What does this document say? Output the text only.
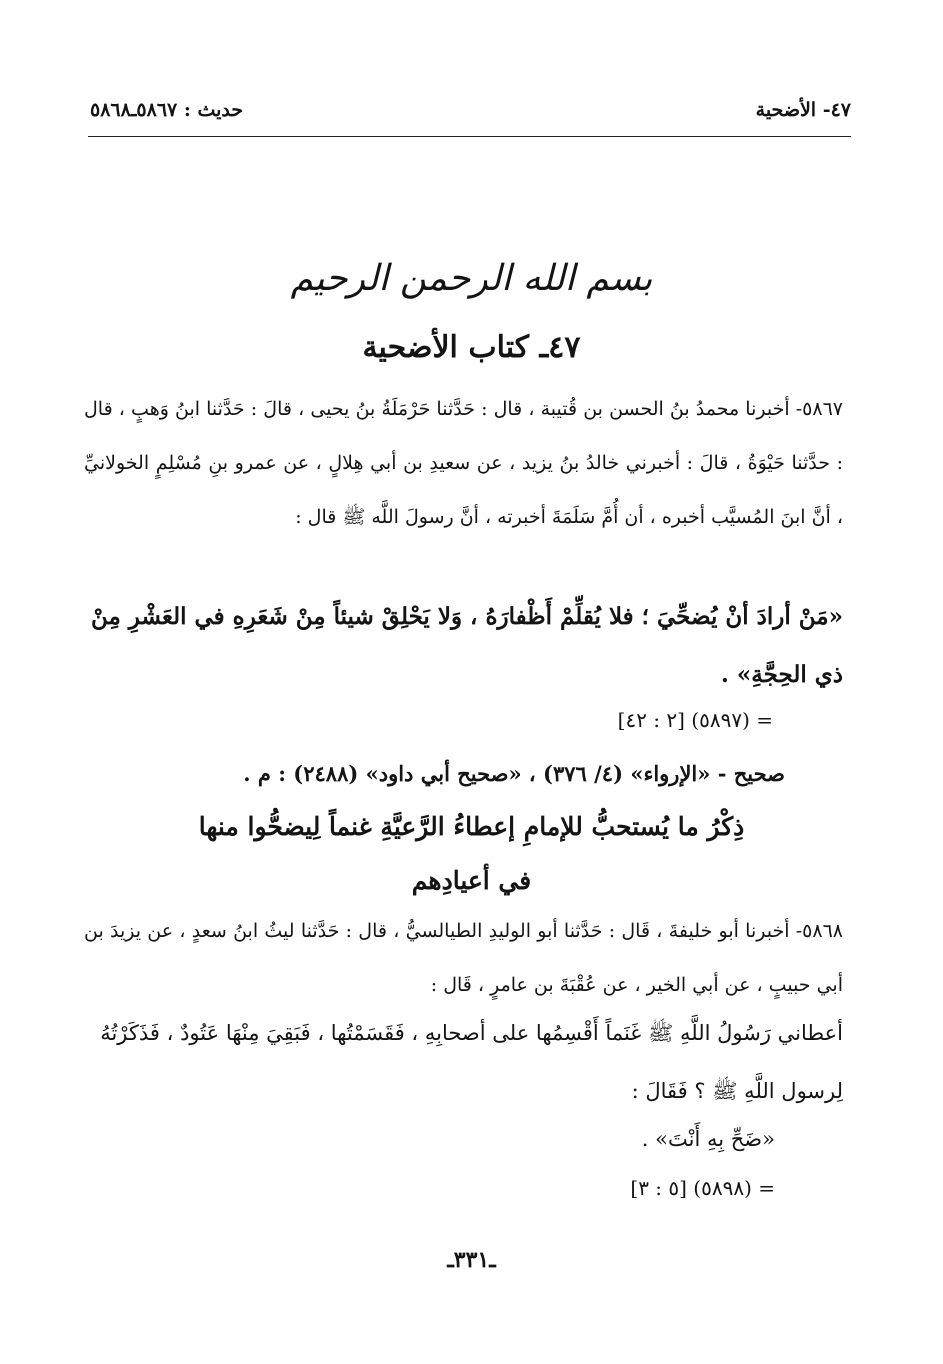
٤٧- الأضحية
حديث : ٥٨٦٧ـ٥٨٦٨
بسم الله الرحمن الرحيم
٤٧ـ كتاب الأضحية
٥٨٦٧- أخبرنا محمدُ بنُ الحسن بن قُتيبة ، قال : حَدَّثنا حَرْمَلَةُ بنُ يحيى ، قالَ : حَدَّثنا ابنُ وَهبٍ ، قال : حدَّثنا حَيْوَةُ ، قالَ : أخبرني خالدُ بنُ يزيد ، عن سعيدِ بن أبي هِلالٍ ، عن عمرو بنِ مُسْلِمٍ الخولانيِّ ، أنَّ ابنَ المُسيَّب أخبره ، أن أُمَّ سَلَمَةَ أخبرته ، أنَّ رسولَ اللَّه ﷺ قال :
«مَنْ أرادَ أنْ يُضحِّيَ ؛ فلا يُقلِّمْ أَظْفارَهُ ، وَلا يَحْلِقْ شيئاً مِنْ شَعَرِهِ في العَشْرِ مِنْ ذي الحِجَّةِ» .
= (٥٨٩٧) [٢ : ٤٢]
صحيح - «الإرواء» (٤/ ٣٧٦) ، «صحيح أبي داود» (٢٤٨٨) : م .
ذِكْرُ ما يُستحبُّ للإمامِ إعطاءُ الرَّعيَّةِ غنماً لِيضحُّوا منها
في أعيادِهم
٥٨٦٨- أخبرنا أبو خليفةَ ، قَال : حَدَّثنا أبو الوليدِ الطيالسيُّ ، قال : حَدَّثنا ليثُ ابنُ سعدٍ ، عن يزيدَ بن أبي حبيبٍ ، عن أبي الخير ، عن عُقْبَةَ بن عامرٍ ، قَال :
أعطاني رَسُولُ اللَّهِ ﷺ غَنَماً أَقْسِمُها على أصحابِهِ ، فَقَسَمْتُها ، فَبَقِيَ مِنْهَا عَتُودٌ ، فَذَكَرْتُهُ لِرسول اللَّهِ ﷺ ؟ فَقَالَ :
«ضَحِّ بِهِ أَنْتَ» .
= (٥٨٩٨) [٥ : ٣]
ـ٣٣١ـ
